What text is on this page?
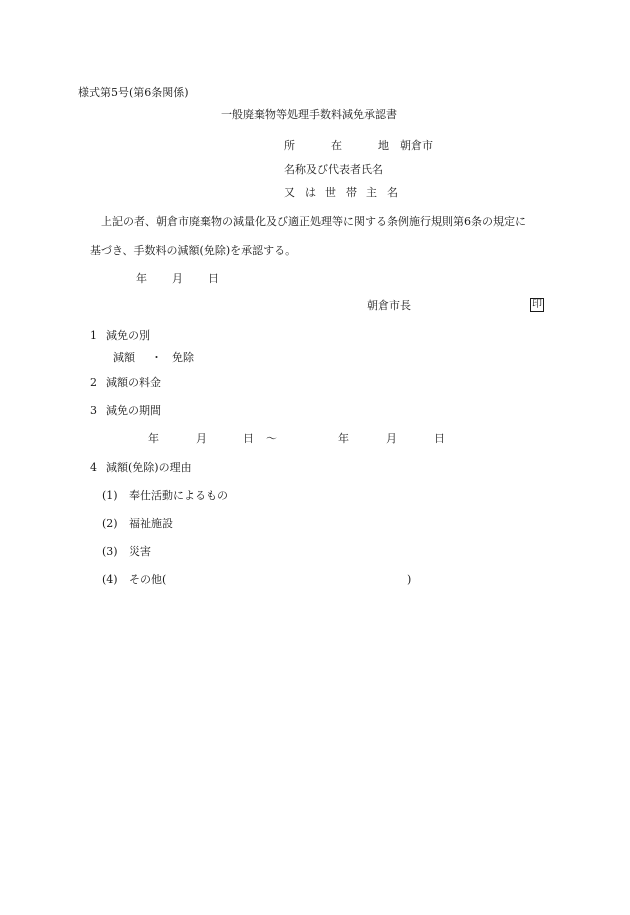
様式第5号(第6条関係)
一般廃棄物等処理手数料減免承認書
所	在	地 朝倉市
名称及び代表者氏名
又 は 世 帯 主 名
上記の者、朝倉市廃棄物の減量化及び適正処理等に関する条例施行規則第6条の規定に
基づき、手数料の減額(免除)を承認する。
年 月 日
朝倉市長	印
1 減免の別
減額 ・ 免除
2 減額の料金
3 減免の期間
年	月	日 ～	年	月	日
4 減額(免除)の理由
(1) 奉仕活動によるもの
(2) 福祉施設
(3) 災害
(4) その他(	)
